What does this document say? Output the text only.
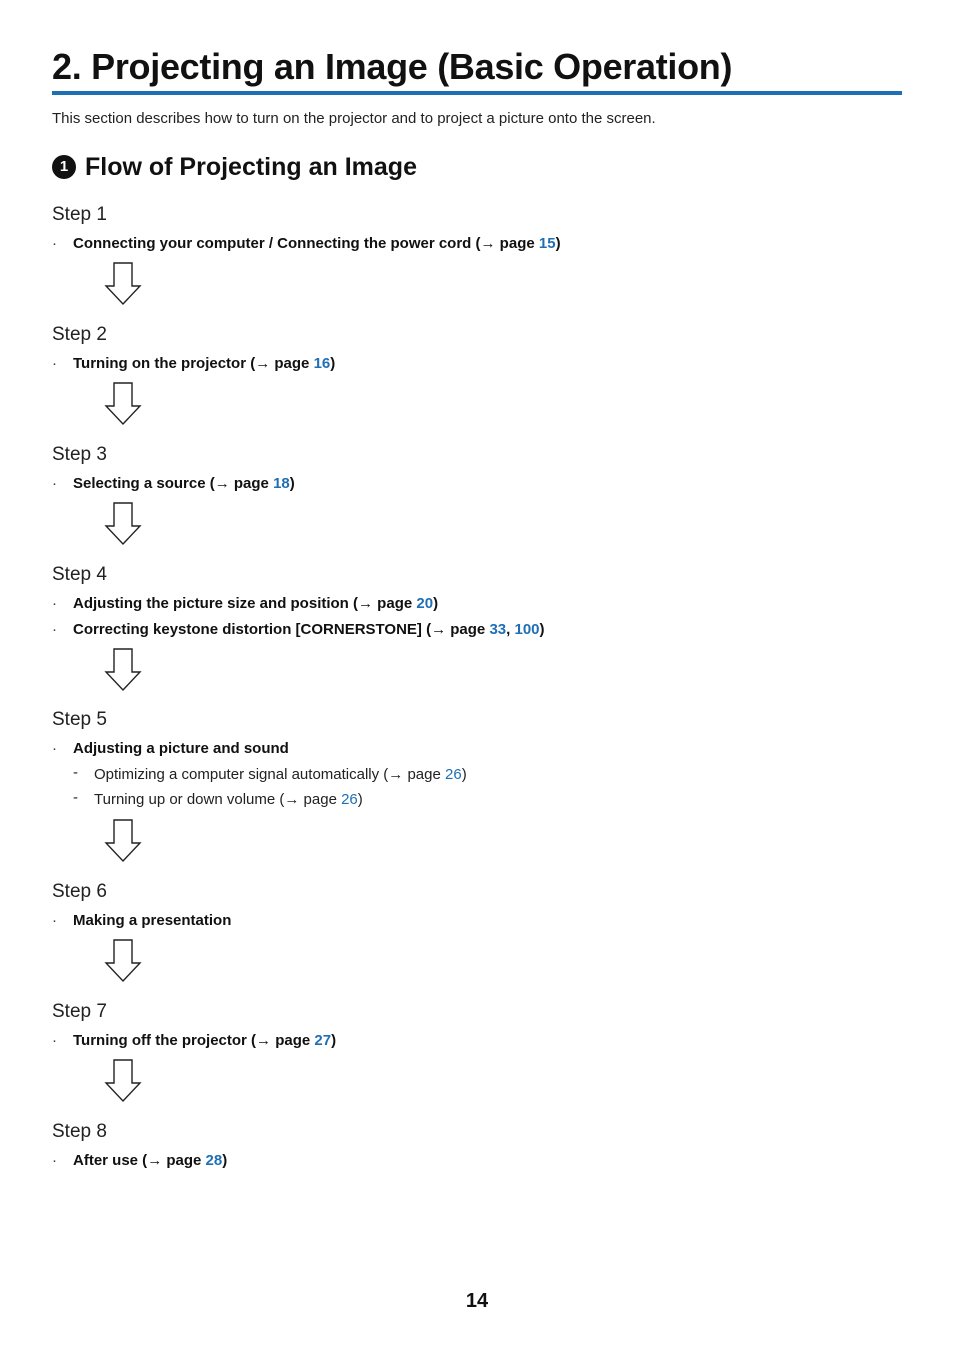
2. Projecting an Image (Basic Operation)

This section describes how to turn on the projector and to project a picture onto the screen.

1 Flow of Projecting an Image
Step 1
· Connecting your computer / Connecting the power cord (→ page 15)
Step 2
· Turning on the projector (→ page 16)
Step 3
· Selecting a source (→ page 18)
Step 4
· Adjusting the picture size and position (→ page 20)
· Correcting keystone distortion [CORNERSTONE] (→ page 33, 100)
Step 5
· Adjusting a picture and sound
- Optimizing a computer signal automatically (→ page 26)
- Turning up or down volume (→ page 26)
Step 6
· Making a presentation
Step 7
· Turning off the projector (→ page 27)
Step 8
· After use (→ page 28)

14
